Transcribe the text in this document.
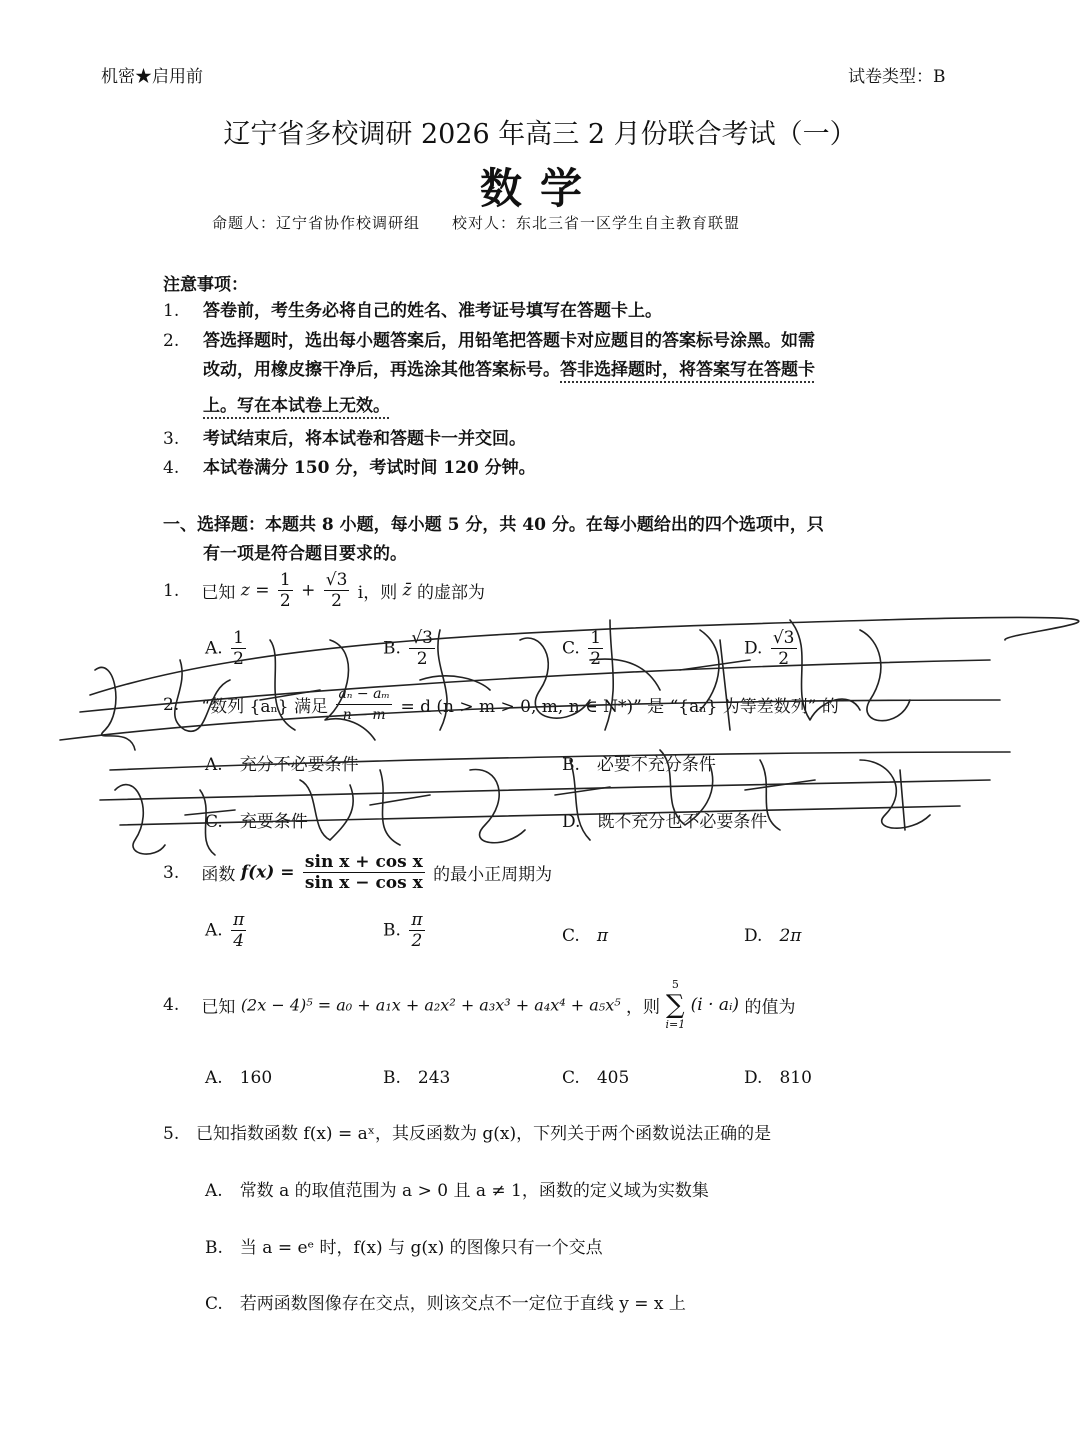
机密★启用前	试卷类型：B
辽宁省多校调研 2026 年高三 2 月份联合考试（一）
数学
命题人：辽宁省协作校调研组　　校对人：东北三省一区学生自主教育联盟
注意事项：
1. 答卷前，考生务必将自己的姓名、准考证号填写在答题卡上。
2. 答选择题时，选出每小题答案后，用铅笔把答题卡对应题目的答案标号涂黑。如需
改动，用橡皮擦干净后，再选涂其他答案标号。答非选择题时，将答案写在答题卡
上。写在本试卷上无效。
3. 考试结束后，将本试卷和答题卡一并交回。
4. 本试卷满分 150 分，考试时间 120 分钟。
一、选择题：本题共 8 小题，每小题 5 分，共 40 分。在每小题给出的四个选项中，只
有一项是符合题目要求的。
1. 已知 $z = \frac{1}{2} + \frac{√3}{2}$ i，则 z̄ 的虚部为
A. $\frac{1}{2}$	B. $\frac{√3}{2}$	C. $\frac{1}{2}$	D. $\frac{√3}{2}$
2. “数列 {aₙ} 满足 $\frac{\text{aₙ − aₘ}}{n - m} = d$ (n > m > 0, m, n ∈ N*)” 是 “{aₙ} 为等差数列” 的
A.　 充分不必要条件	B.　 必要不充分条件
C.　 充要条件	D.　 既不充分也不必要条件
3. 函数 $f(x) = \frac{\text{sin x + cos x}}{\text{sin x − cos x}}$ 的最小正周期为
A. $\frac{\pi}{4}$	B. $\frac{\pi}{2}$	C.　 π	D.　 2π
4. 已知 (2x − 4)⁵ = a₀ + a₁x + a₂x² + a₃x³ + a₄x⁴ + a₅x⁵ ，则
5
∑
i=1
(i · aᵢ) 的值为
A.　 160	B.　 243	C.　 405	D.　 810
5. 已知指数函数 f(x) = aˣ，其反函数为 g(x)，下列关于两个函数说法正确的是
A.　 常数 a 的取值范围为 a > 0 且 a ≠ 1，函数的定义域为实数集
B.　 当 a = eᵉ 时，f(x) 与 g(x) 的图像只有一个交点
C.　 若两函数图像存在交点，则该交点不一定位于直线 y = x 上
